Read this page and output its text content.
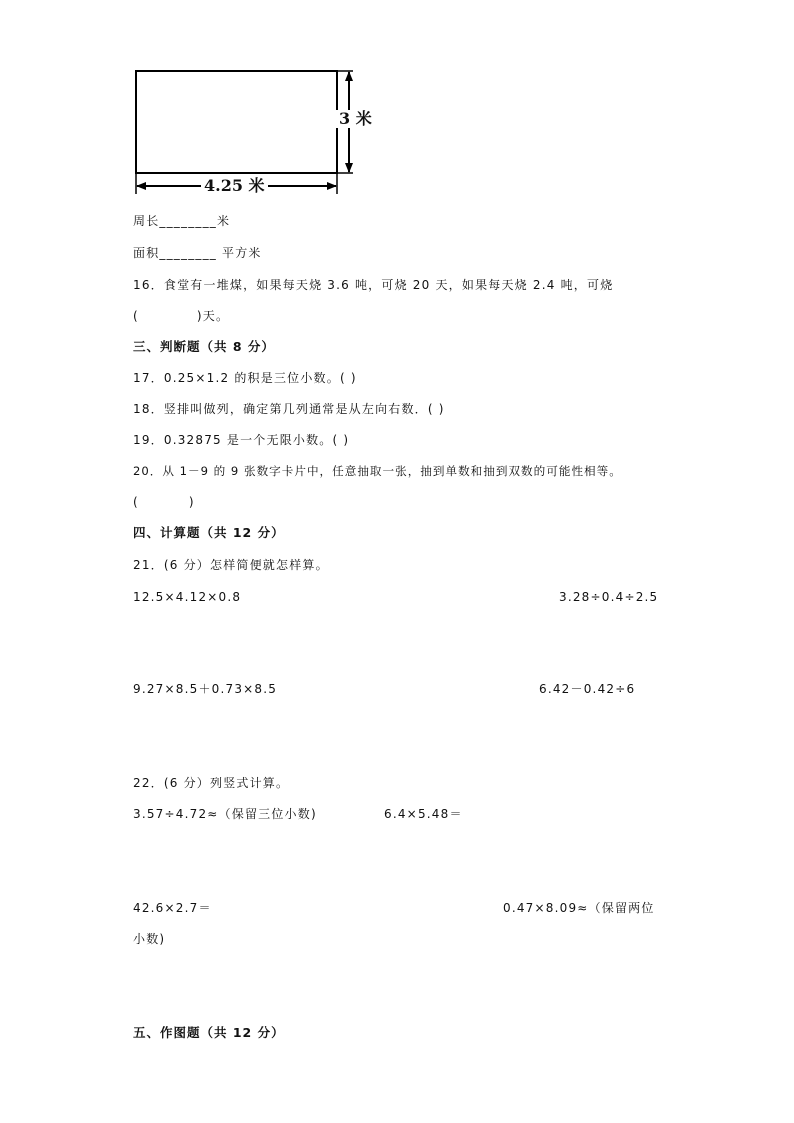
3 米
4.25 米
周长________米
面积________ 平方米
16．食堂有一堆煤，如果每天烧 3.6 吨，可烧 20 天，如果每天烧 2.4 吨，可烧
(	)天。
三、判断题（共 8 分）
17．0.25×1.2 的积是三位小数。( )
18．竖排叫做列，确定第几列通常是从左向右数．( )
19．0.32875 是一个无限小数。( )
20．从 1－9 的 9 张数字卡片中，任意抽取一张，抽到单数和抽到双数的可能性相等。
(	)
四、计算题（共 12 分）
21．(6 分）怎样简便就怎样算。
12.5×4.12×0.8	3.28÷0.4÷2.5
9.27×8.5＋0.73×8.5	6.42－0.42÷6
22．(6 分）列竖式计算。
3.57÷4.72≈（保留三位小数)	6.4×5.48＝
42.6×2.7＝	0.47×8.09≈（保留两位
小数)
五、作图题（共 12 分）
